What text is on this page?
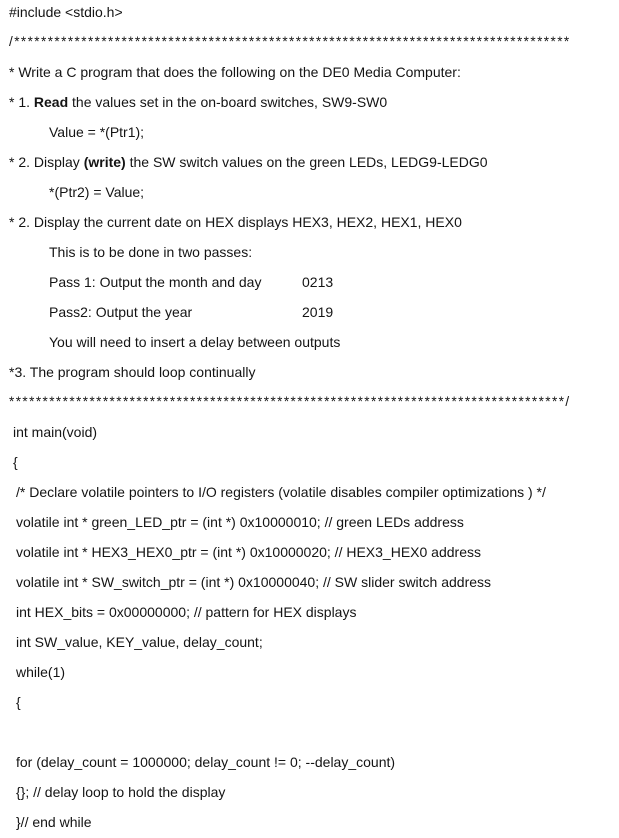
#include <stdio.h>
/***********************************************************************************
* Write a C program that does the following on the DE0 Media Computer:
* 1. Read the values set in the on-board switches, SW9-SW0
Value = *(Ptr1);
* 2. Display (write) the SW switch values on the green LEDs, LEDG9-LEDG0
*(Ptr2) = Value;
* 2. Display the current date on HEX displays HEX3, HEX2, HEX1, HEX0
This is to be done in two passes:
Pass 1: Output the month and day	0213
Pass2: Output the year	2019
You will need to insert a delay between outputs
*3. The program should loop continually
***********************************************************************************/
int main(void)
{
/* Declare volatile pointers to I/O registers (volatile disables compiler optimizations ) */
volatile int * green_LED_ptr = (int *) 0x10000010; // green LEDs address
volatile int * HEX3_HEX0_ptr = (int *) 0x10000020; // HEX3_HEX0 address
volatile int * SW_switch_ptr = (int *) 0x10000040; // SW slider switch address
int HEX_bits = 0x00000000; // pattern for HEX displays
int SW_value, KEY_value, delay_count;
while(1)
{
for (delay_count = 1000000; delay_count != 0; --delay_count)
{}; // delay loop to hold the display
}// end while
